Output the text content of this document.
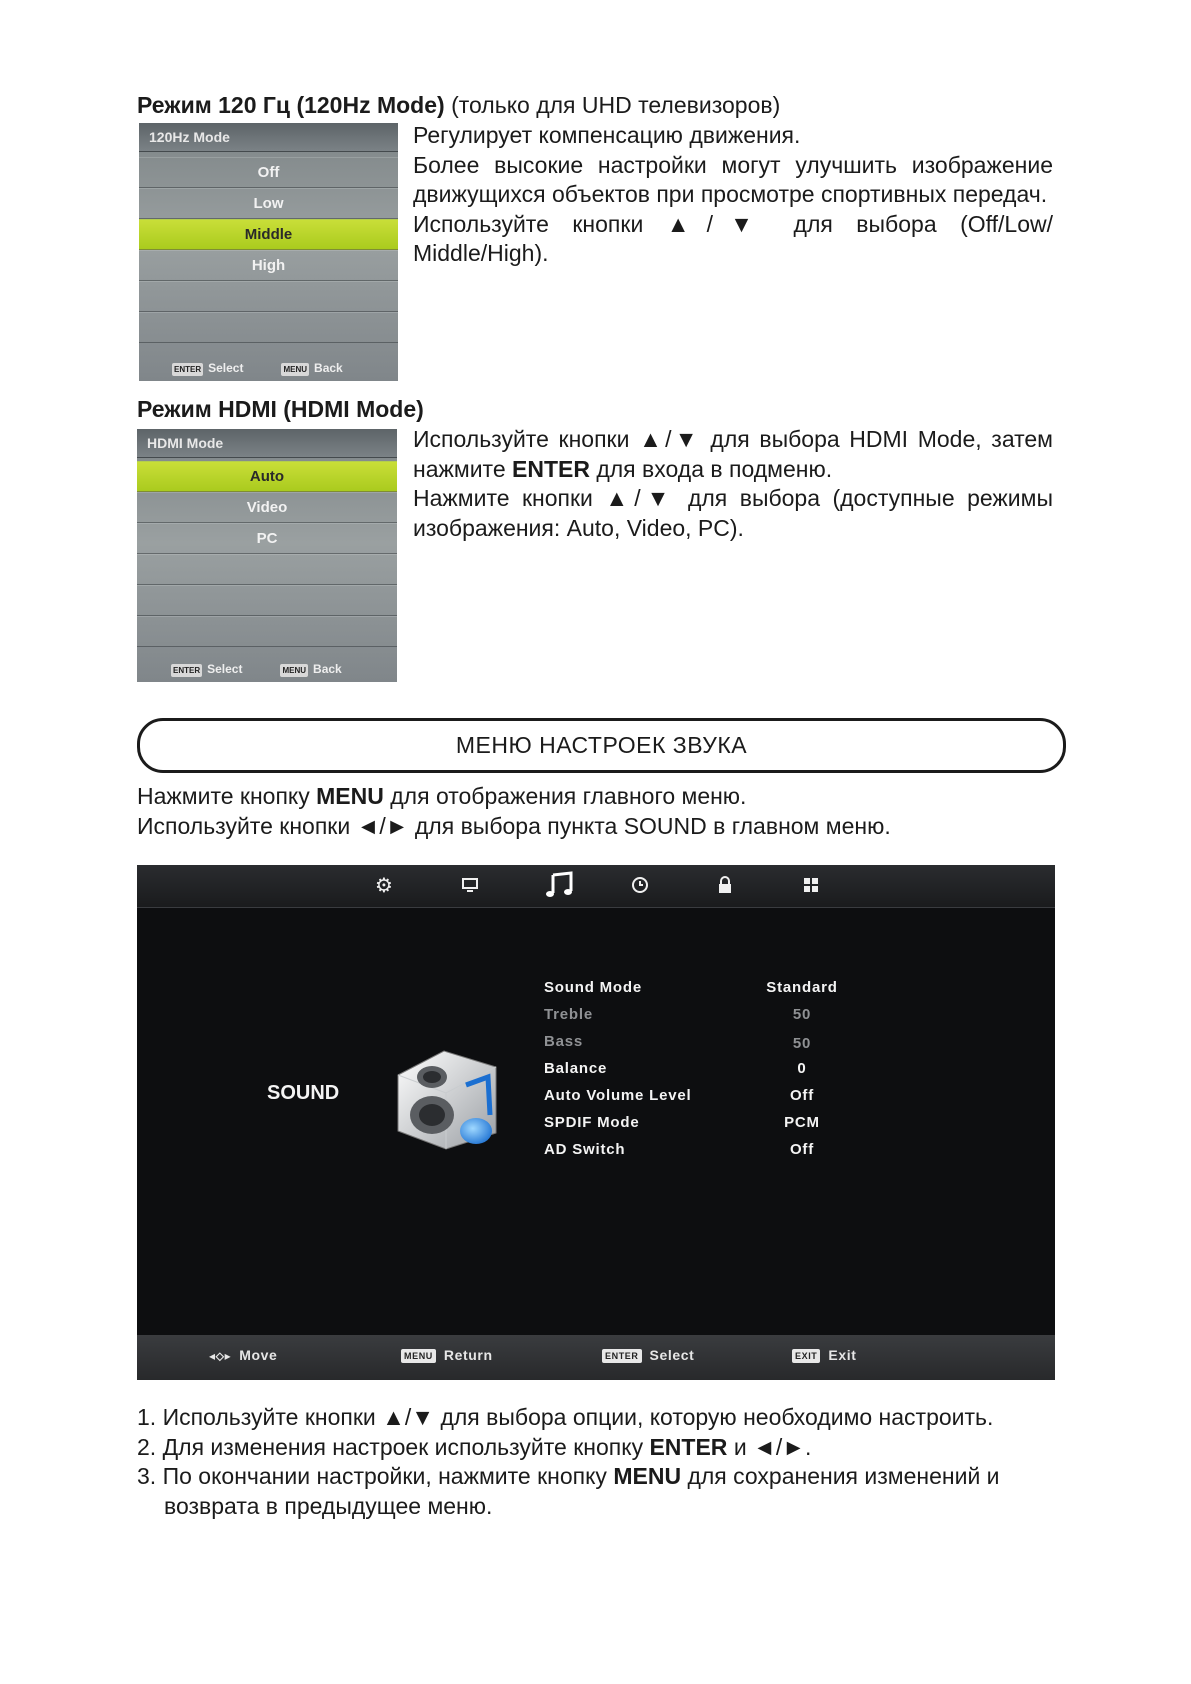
Режим 120 Гц (120Hz Mode) (только для UHD телевизоров)
120Hz Mode
Off
Low
Middle
High
ENTER Select	MENU Back

Регулирует компенсацию движения.

Более высокие настройки могут улучшить изображение движущихся объектов при просмотре спортивных передач.

Используйте кнопки ▲/▼ для выбора (Off/Low/ Middle/High).

Режим HDMI (HDMI Mode)
HDMI Mode
Auto
Video
PC
ENTER Select	MENU Back

Используйте кнопки ▲/▼ для выбора HDMI Mode, затем нажмите ENTER для входа в подменю.

Нажмите кнопки ▲/▼ для выбора (доступные режимы изображения: Auto, Video, PC).

МЕНЮ НАСТРОЕК ЗВУКА

Нажмите кнопку MENU для отображения главного меню.

Используйте кнопки ◄/► для выбора пункта SOUND в главном меню.

⚙
SOUND
Sound Mode	Standard
Treble	50
Bass	50
Balance	0
Auto Volume Level	Off
SPDIF Mode	PCM
AD Switch	Off
◂⬦▸ Move	MENU Return	ENTER Select	EXIT Exit
1. Используйте кнопки ▲/▼ для выбора опции, которую необходимо настроить.
2. Для изменения настроек используйте кнопку ENTER и ◄/►.
3. По окончании настройки, нажмите кнопку MENU для сохранения изменений и возврата в предыдущее меню.
